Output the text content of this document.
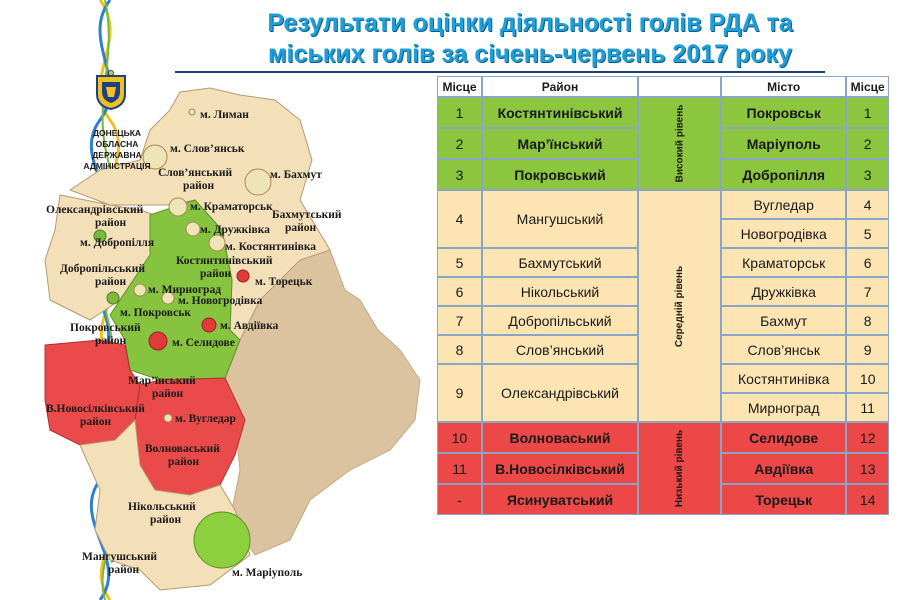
м. Лиман
м. Слов’янськ
Слов’янський
район
м. Бахмут
Олександрівський
район
м. Краматорськ
Бахмутський
район
м. Дружківка
м. Добропілля	м. Костянтинівка
Костянтинівський
район
Добропільський
район	м. Торецьк
м. Мирноград
м. Новогродівка
м. Покровськ
м. Авдіївка
Покровський
район	м. Селидове
Мар’їнський
район
В.Новосілківський
район	м. Вугледар
Волноваський
район
Нікольський
район
Мангушський
район	м. Маріуполь
ДОНЕЦЬКА
ОБЛАСНА ДЕРЖАВНА
АДМІНІСТРАЦІЯ
Результати оцінки діяльності голів РДА та
міських голів за січень-червень 2017 року
Місце	Район		Місто	Місце
1	Костянтинівський	Високий рівень	Покровськ	1
2	Мар’їнський		Маріуполь	2
3	Покровський		Добропілля	3
4	Мангушський	Середній рівень	Вугледар	4
			Новогродівка	5
5	Бахмутський		Краматорськ	6
6	Нікольський		Дружківка	7
7	Добропільський		Бахмут	8
8	Слов’янський		Слов’янськ	9
9	Олександрівський		Костянтинівка	10
			Мирноград	11
10	Волноваський	Низький рівень	Селидове	12
11	В.Новосілківський		Авдіївка	13
-	Ясинуватський		Торецьк	14
